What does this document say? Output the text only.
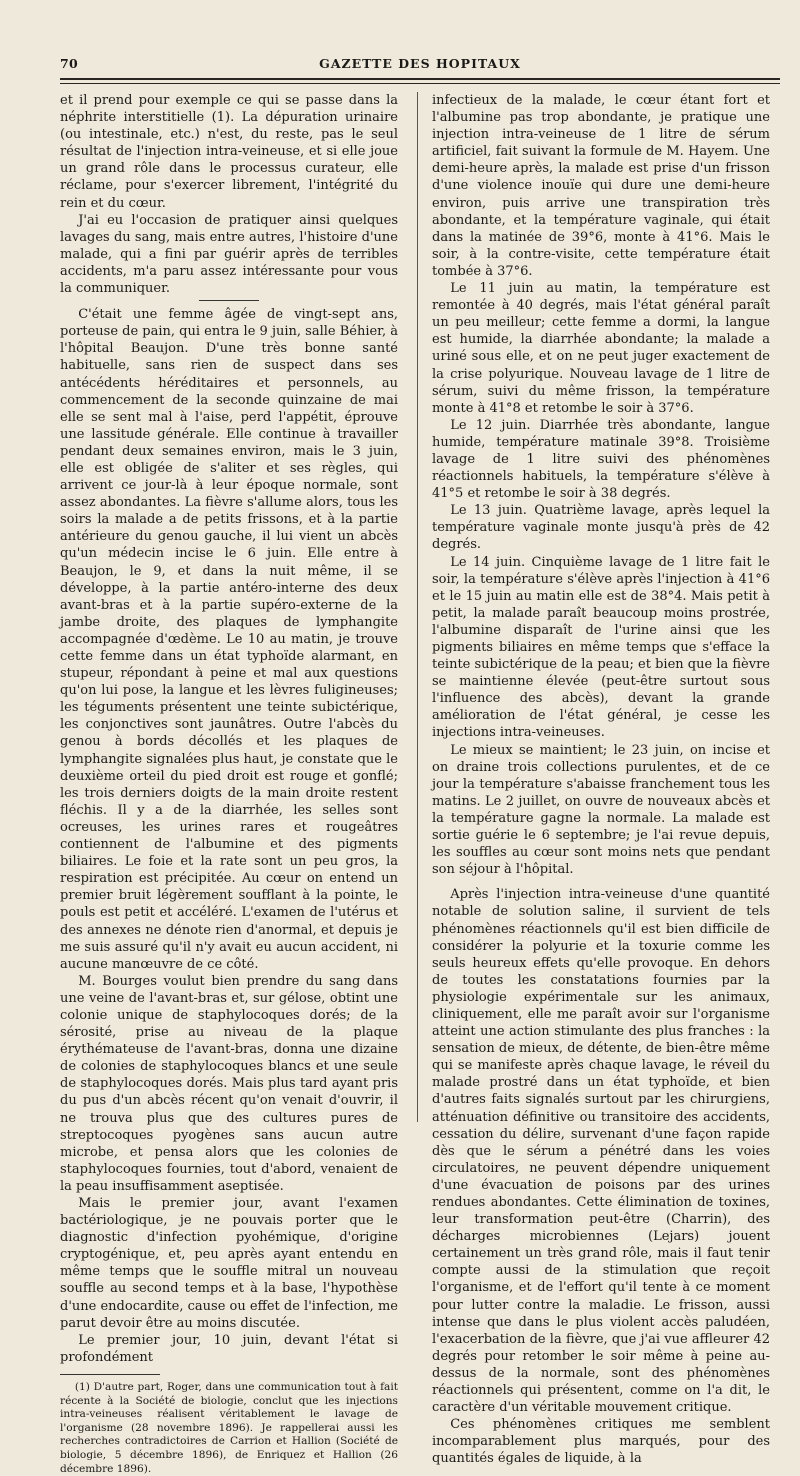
70	GAZETTE DES HOPITAUX

et il prend pour exemple ce qui se passe dans la néphrite interstitielle (1). La dépuration urinaire (ou intestinale, etc.) n'est, du reste, pas le seul résultat de l'injection intra-veineuse, et si elle joue un grand rôle dans le processus curateur, elle réclame, pour s'exercer librement, l'intégrité du rein et du cœur.

J'ai eu l'occasion de pratiquer ainsi quelques lavages du sang, mais entre autres, l'histoire d'une malade, qui a fini par guérir après de terribles accidents, m'a paru assez intéressante pour vous la communiquer.

C'était une femme âgée de vingt-sept ans, porteuse de pain, qui entra le 9 juin, salle Béhier, à l'hôpital Beaujon. D'une très bonne santé habituelle, sans rien de suspect dans ses antécédents héréditaires et personnels, au commencement de la seconde quinzaine de mai elle se sent mal à l'aise, perd l'appétit, éprouve une lassitude générale. Elle continue à travailler pendant deux semaines environ, mais le 3 juin, elle est obligée de s'aliter et ses règles, qui arrivent ce jour-là à leur époque normale, sont assez abondantes. La fièvre s'allume alors, tous les soirs la malade a de petits frissons, et à la partie antérieure du genou gauche, il lui vient un abcès qu'un médecin incise le 6 juin. Elle entre à Beaujon, le 9, et dans la nuit même, il se développe, à la partie antéro-interne des deux avant-bras et à la partie supéro-externe de la jambe droite, des plaques de lymphangite accompagnée d'œdème. Le 10 au matin, je trouve cette femme dans un état typhoïde alarmant, en stupeur, répondant à peine et mal aux questions qu'on lui pose, la langue et les lèvres fuligineuses; les téguments présentent une teinte subictérique, les conjonctives sont jaunâtres. Outre l'abcès du genou à bords décollés et les plaques de lymphangite signalées plus haut, je constate que le deuxième orteil du pied droit est rouge et gonflé; les trois derniers doigts de la main droite restent fléchis. Il y a de la diarrhée, les selles sont ocreuses, les urines rares et rougeâtres contiennent de l'albumine et des pigments biliaires. Le foie et la rate sont un peu gros, la respiration est précipitée. Au cœur on entend un premier bruit légèrement soufflant à la pointe, le pouls est petit et accéléré. L'examen de l'utérus et des annexes ne dénote rien d'anormal, et depuis je me suis assuré qu'il n'y avait eu aucun accident, ni aucune manœuvre de ce côté.

M. Bourges voulut bien prendre du sang dans une veine de l'avant-bras et, sur gélose, obtint une colonie unique de staphylocoques dorés; de la sérosité, prise au niveau de la plaque érythémateuse de l'avant-bras, donna une dizaine de colonies de staphylocoques blancs et une seule de staphylocoques dorés. Mais plus tard ayant pris du pus d'un abcès récent qu'on venait d'ouvrir, il ne trouva plus que des cultures pures de streptocoques pyogènes sans aucun autre microbe, et pensa alors que les colonies de staphylocoques fournies, tout d'abord, venaient de la peau insuffisamment aseptisée.

Mais le premier jour, avant l'examen bactériologique, je ne pouvais porter que le diagnostic d'infection pyohémique, d'origine cryptogénique, et, peu après ayant entendu en même temps que le souffle mitral un nouveau souffle au second temps et à la base, l'hypothèse d'une endocardite, cause ou effet de l'infection, me parut devoir être au moins discutée.

Le premier jour, 10 juin, devant l'état si profondément

(1) D'autre part, Roger, dans une communication tout à fait récente à la Société de biologie, conclut que les injections intra-veineuses réalisent véritablement le lavage de l'organisme (28 novembre 1896). Je rappellerai aussi les recherches contradictoires de Carrion et Hallion (Société de biologie, 5 décembre 1896), de Enriquez et Hallion (26 décembre 1896).

infectieux de la malade, le cœur étant fort et l'albumine pas trop abondante, je pratique une injection intra-veineuse de 1 litre de sérum artificiel, fait suivant la formule de M. Hayem. Une demi-heure après, la malade est prise d'un frisson d'une violence inouïe qui dure une demi-heure environ, puis arrive une transpiration très abondante, et la température vaginale, qui était dans la matinée de 39°6, monte à 41°6. Mais le soir, à la contre-visite, cette température était tombée à 37°6.

Le 11 juin au matin, la température est remontée à 40 degrés, mais l'état général paraît un peu meilleur; cette femme a dormi, la langue est humide, la diarrhée abondante; la malade a uriné sous elle, et on ne peut juger exactement de la crise polyurique. Nouveau lavage de 1 litre de sérum, suivi du même frisson, la température monte à 41°8 et retombe le soir à 37°6.

Le 12 juin. Diarrhée très abondante, langue humide, température matinale 39°8. Troisième lavage de 1 litre suivi des phénomènes réactionnels habituels, la température s'élève à 41°5 et retombe le soir à 38 degrés.

Le 13 juin. Quatrième lavage, après lequel la température vaginale monte jusqu'à près de 42 degrés.

Le 14 juin. Cinquième lavage de 1 litre fait le soir, la température s'élève après l'injection à 41°6 et le 15 juin au matin elle est de 38°4. Mais petit à petit, la malade paraît beaucoup moins prostrée, l'albumine disparaît de l'urine ainsi que les pigments biliaires en même temps que s'efface la teinte subictérique de la peau; et bien que la fièvre se maintienne élevée (peut-être surtout sous l'influence des abcès), devant la grande amélioration de l'état général, je cesse les injections intra-veineuses.

Le mieux se maintient; le 23 juin, on incise et on draine trois collections purulentes, et de ce jour la température s'abaisse franchement tous les matins. Le 2 juillet, on ouvre de nouveaux abcès et la température gagne la normale. La malade est sortie guérie le 6 septembre; je l'ai revue depuis, les souffles au cœur sont moins nets que pendant son séjour à l'hôpital.

Après l'injection intra-veineuse d'une quantité notable de solution saline, il survient de tels phénomènes réactionnels qu'il est bien difficile de considérer la polyurie et la toxurie comme les seuls heureux effets qu'elle provoque. En dehors de toutes les constatations fournies par la physiologie expérimentale sur les animaux, cliniquement, elle me paraît avoir sur l'organisme atteint une action stimulante des plus franches : la sensation de mieux, de détente, de bien-être même qui se manifeste après chaque lavage, le réveil du malade prostré dans un état typhoïde, et bien d'autres faits signalés surtout par les chirurgiens, atténuation définitive ou transitoire des accidents, cessation du délire, survenant d'une façon rapide dès que le sérum a pénétré dans les voies circulatoires, ne peuvent dépendre uniquement d'une évacuation de poisons par des urines rendues abondantes. Cette élimination de toxines, leur transformation peut-être (Charrin), des décharges microbiennes (Lejars) jouent certainement un très grand rôle, mais il faut tenir compte aussi de la stimulation que reçoit l'organisme, et de l'effort qu'il tente à ce moment pour lutter contre la maladie. Le frisson, aussi intense que dans le plus violent accès paludéen, l'exacerbation de la fièvre, que j'ai vue affleurer 42 degrés pour retomber le soir même à peine au-dessus de la normale, sont des phénomènes réactionnels qui présentent, comme on l'a dit, le caractère d'un véritable mouvement critique.

Ces phénomènes critiques me semblent incomparablement plus marqués, pour des quantités égales de liquide, à la
